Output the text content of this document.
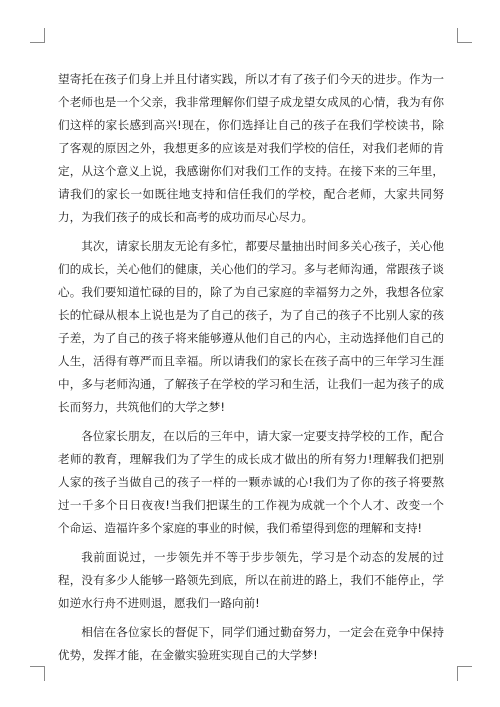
望寄托在孩子们身上并且付诸实践，所以才有了孩子们今天的进步。作为一个老师也是一个父亲，我非常理解你们望子成龙望女成凤的心情，我为有你们这样的家长感到高兴!现在，你们选择让自己的孩子在我们学校读书，除了客观的原因之外，我想更多的应该是对我们学校的信任，对我们老师的肯定，从这个意义上说，我感谢你们对我们工作的支持。在接下来的三年里，请我们的家长一如既往地支持和信任我们的学校，配合老师，大家共同努力，为我们孩子的成长和高考的成功而尽心尽力。

其次，请家长朋友无论有多忙，都要尽量抽出时间多关心孩子，关心他们的成长，关心他们的健康，关心他们的学习。多与老师沟通，常跟孩子谈心。我们要知道忙碌的目的，除了为自己家庭的幸福努力之外，我想各位家长的忙碌从根本上说也是为了自己的孩子，为了自己的孩子不比别人家的孩子差，为了自己的孩子将来能够遵从他们自己的内心，主动选择他们自己的人生，活得有尊严而且幸福。所以请我们的家长在孩子高中的三年学习生涯中，多与老师沟通，了解孩子在学校的学习和生活，让我们一起为孩子的成长而努力，共筑他们的大学之梦!

各位家长朋友，在以后的三年中，请大家一定要支持学校的工作，配合老师的教育，理解我们为了学生的成长成才做出的所有努力!理解我们把别人家的孩子当做自己的孩子一样的一颗赤诚的心!我们为了你的孩子将要熬过一千多个日日夜夜!当我们把谋生的工作视为成就一个个人才、改变一个个命运、造福许多个家庭的事业的时候，我们希望得到您的理解和支持!

我前面说过，一步领先并不等于步步领先，学习是个动态的发展的过程，没有多少人能够一路领先到底，所以在前进的路上，我们不能停止，学如逆水行舟不进则退，愿我们一路向前!

相信在各位家长的督促下，同学们通过勤奋努力，一定会在竞争中保持优势，发挥才能，在金徽实验班实现自己的大学梦!
